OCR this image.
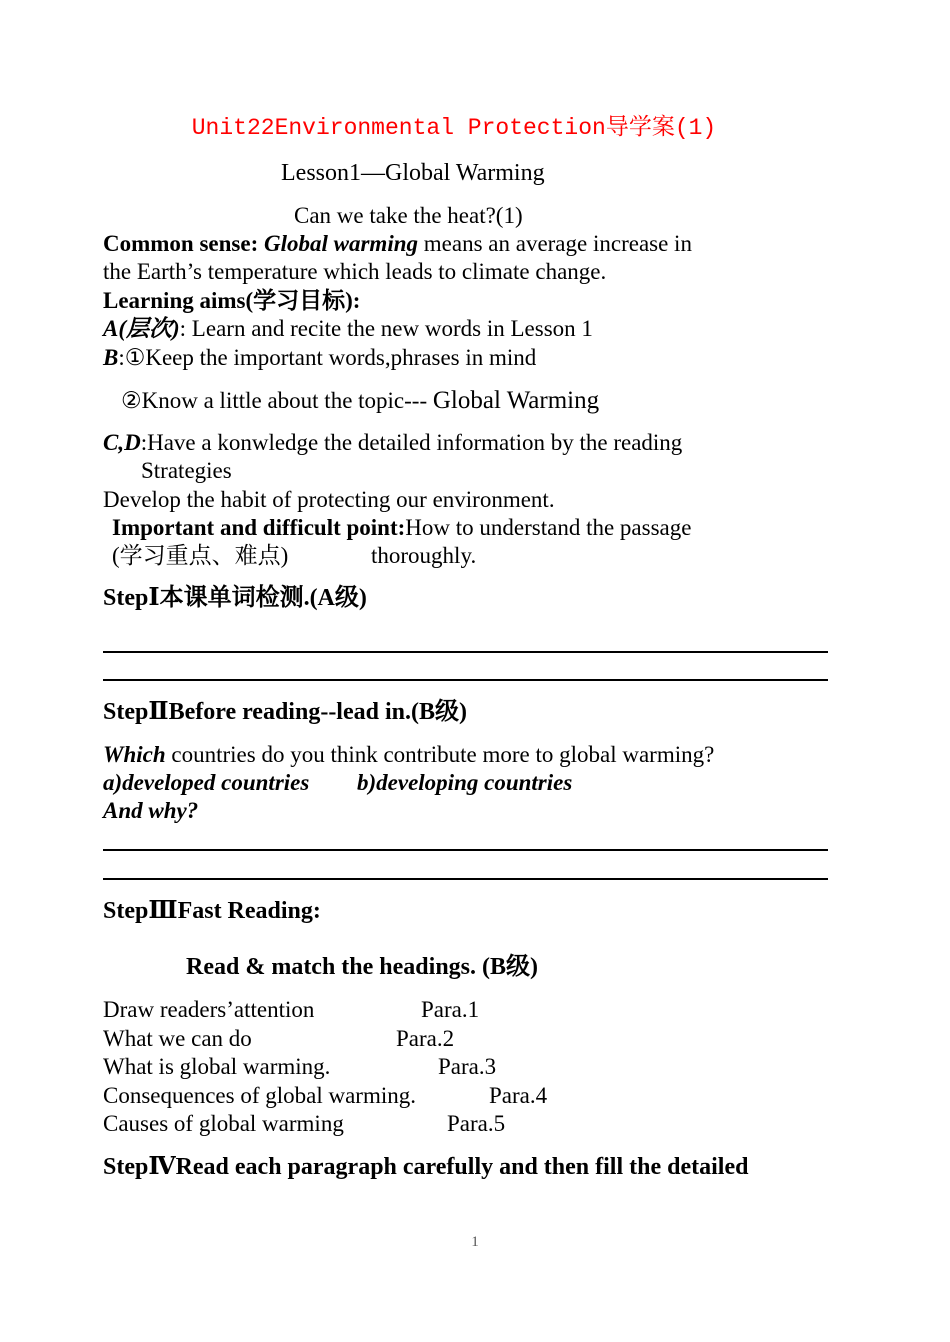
Unit22Environmental Protection导学案(1)
Lesson1—Global Warming
Can we take the heat?(1)
Common sense: Global warming means an average increase in
the Earth’s temperature which leads to climate change.
Learning aims(学习目标):
A(层次): Learn and recite the new words in Lesson 1
B:①Keep the important words,phrases in mind
②Know a little about the topic--- Global Warming
C,D:Have a konwledge the detailed information by the reading
Strategies
Develop the habit of protecting our environment.
Important and difficult point:How to understand the passage
(学习重点、难点)	thoroughly.
StepⅠ本课单词检测.(A级)
StepⅡBefore reading--lead in.(B级)
Which countries do you think contribute more to global warming?
a)developed countries b)developing countries
And why?
StepⅢFast Reading:
Read & match the headings. (B级)
Draw readers’attention	Para.1
What we can do	Para.2
What is global warming.	Para.3
Consequences of global warming.	Para.4
Causes of global warming	Para.5
StepⅣRead each paragraph carefully and then fill the detailed
1
